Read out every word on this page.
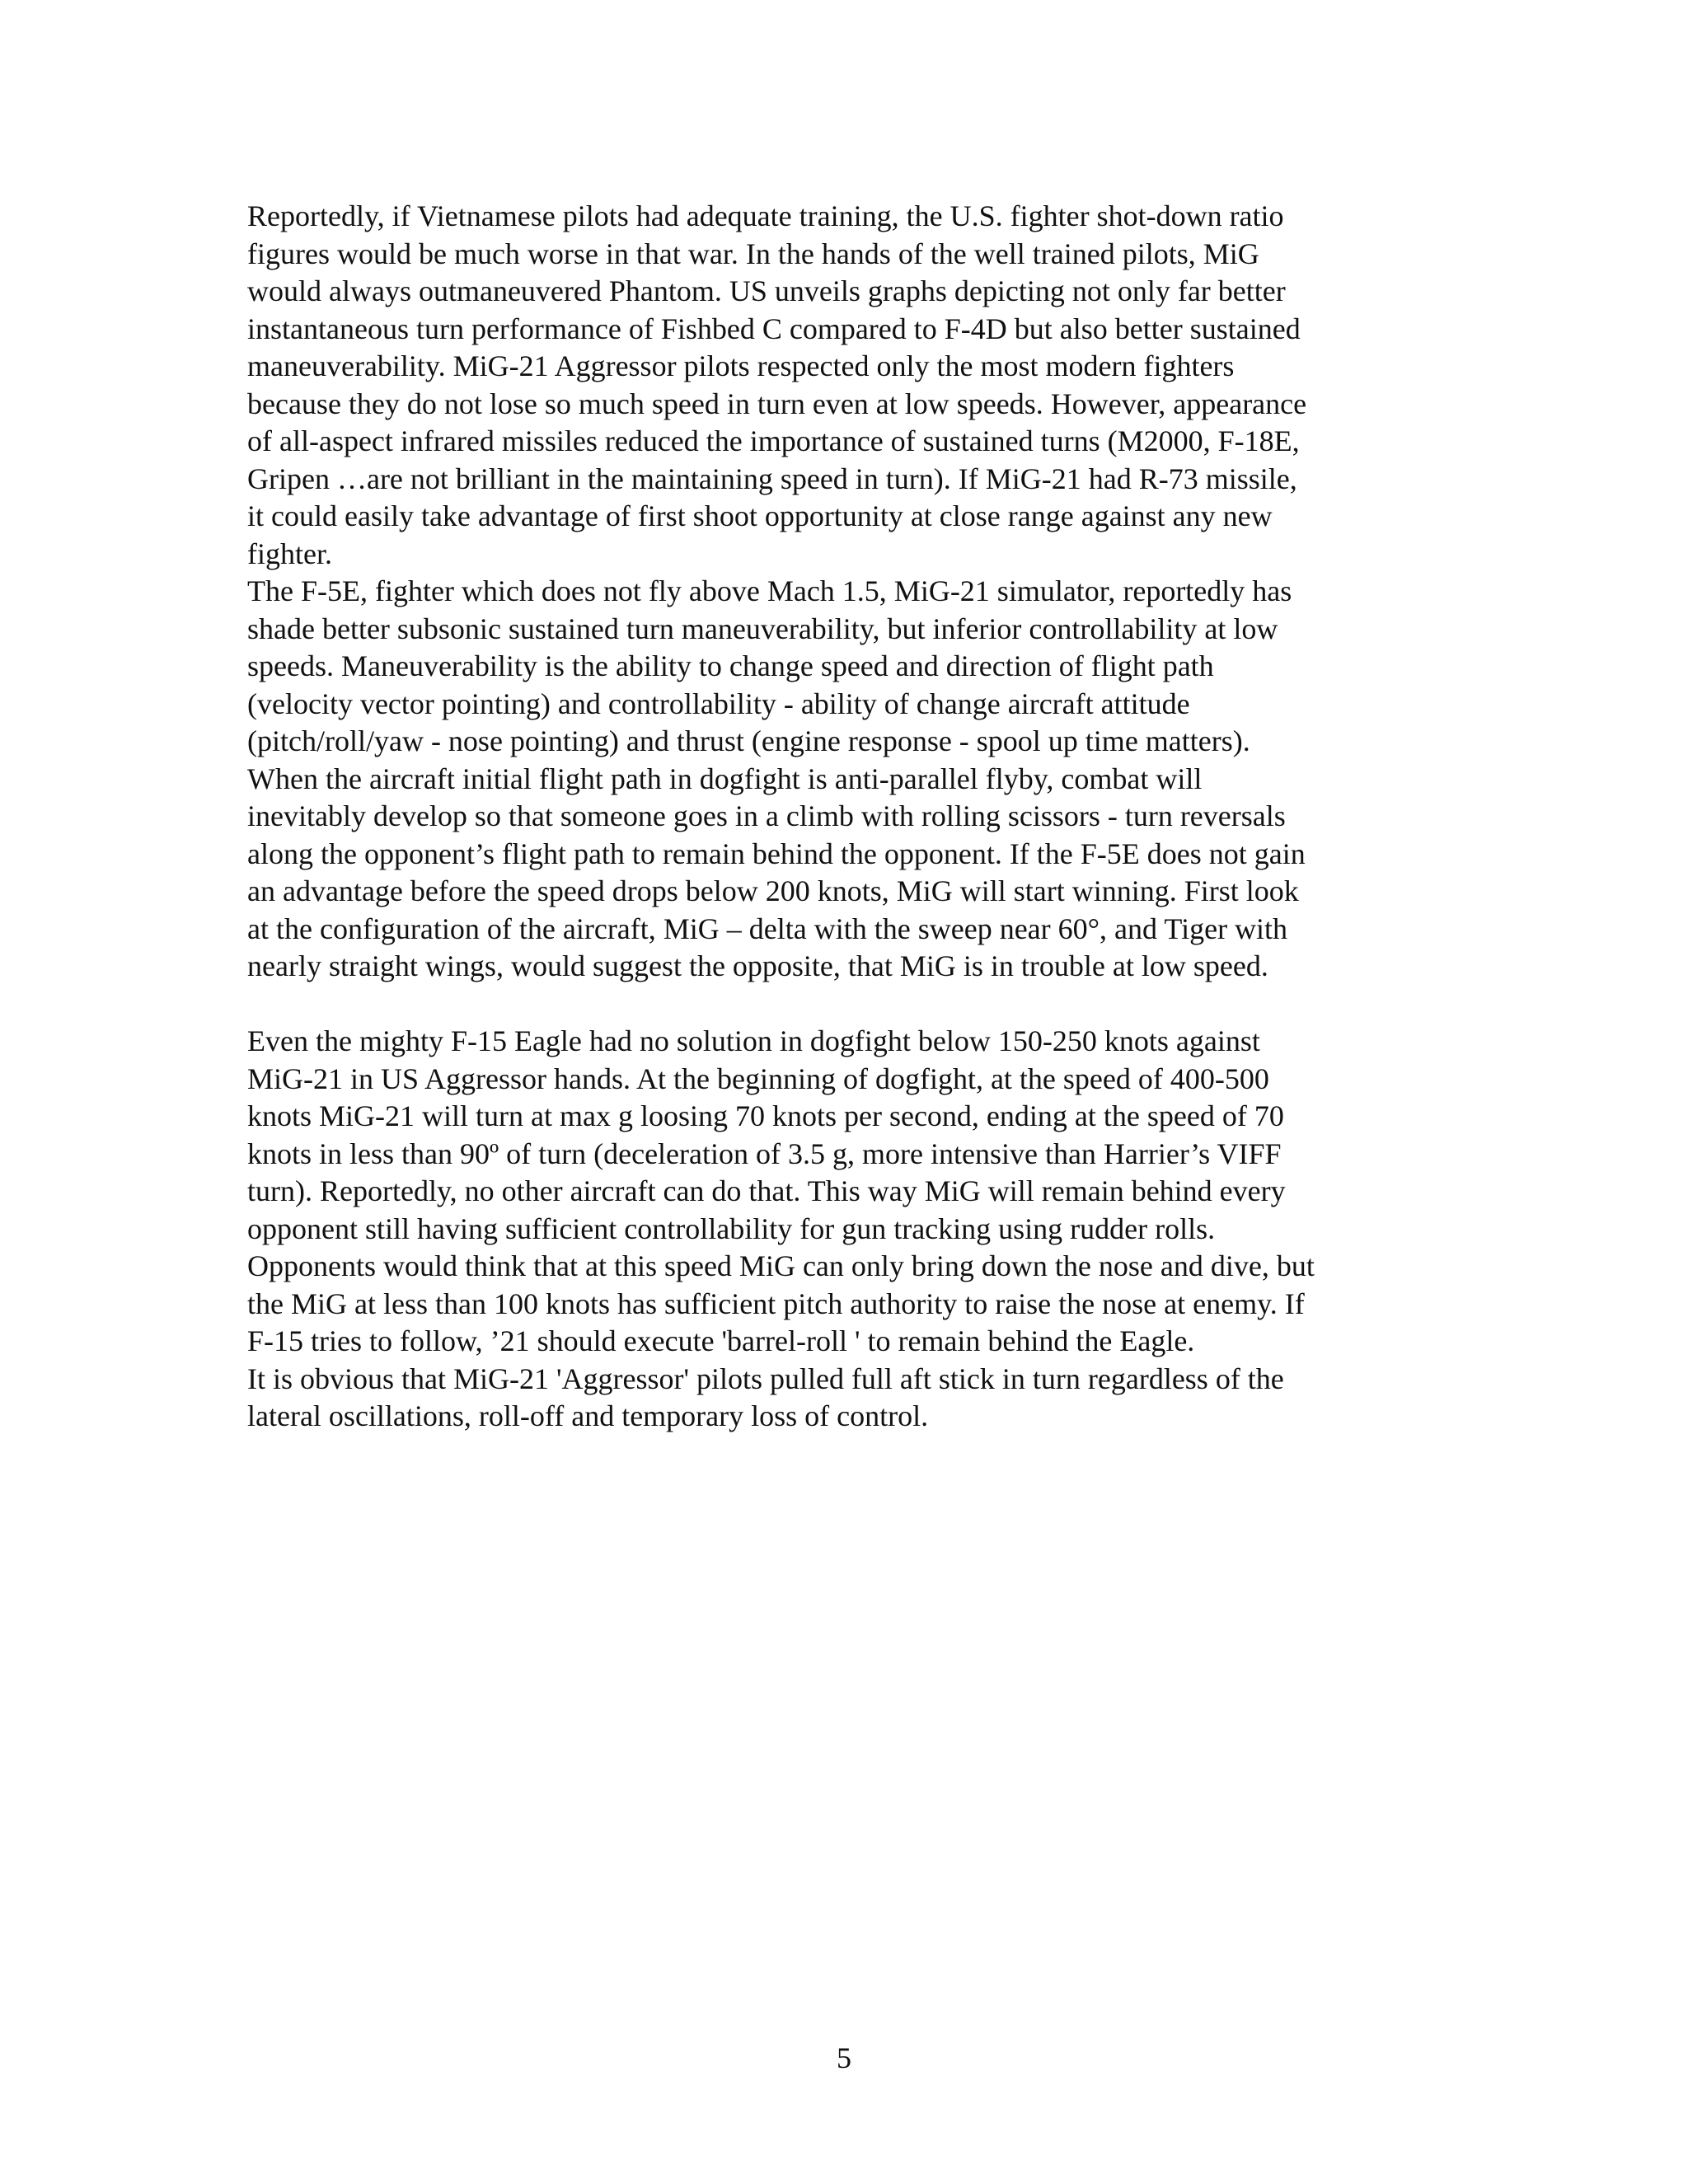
Reportedly, if Vietnamese pilots had adequate training, the U.S. fighter shot-down ratio
figures would be much worse in that war. In the hands of the well trained pilots, MiG
would always outmaneuvered Phantom. US unveils graphs depicting not only far better
instantaneous turn performance of Fishbed C compared to F-4D but also better sustained
maneuverability. MiG-21 Aggressor pilots respected only the most modern fighters
because they do not lose so much speed in turn even at low speeds. However, appearance
of all-aspect infrared missiles reduced the importance of sustained turns (M2000, F-18E,
Gripen …are not brilliant in the maintaining speed in turn). If MiG-21 had R-73 missile,
it could easily take advantage of first shoot opportunity at close range against any new
fighter.
The F-5E, fighter which does not fly above Mach 1.5, MiG-21 simulator, reportedly has
shade better subsonic sustained turn maneuverability, but inferior controllability at low
speeds. Maneuverability is the ability to change speed and direction of flight path
(velocity vector pointing) and controllability - ability of change aircraft attitude
(pitch/roll/yaw - nose pointing) and thrust (engine response - spool up time matters).
When the aircraft initial flight path in dogfight is anti-parallel flyby, combat will
inevitably develop so that someone goes in a climb with rolling scissors - turn reversals
along the opponent’s flight path to remain behind the opponent. If the F-5E does not gain
an advantage before the speed drops below 200 knots, MiG will start winning. First look
at the configuration of the aircraft, MiG – delta with the sweep near 60°, and Tiger with
nearly straight wings, would suggest the opposite, that MiG is in trouble at low speed.
Even the mighty F-15 Eagle had no solution in dogfight below 150-250 knots against
MiG-21 in US Aggressor hands. At the beginning of dogfight, at the speed of 400-500
knots MiG-21 will turn at max g loosing 70 knots per second, ending at the speed of 70
knots in less than 90º of turn (deceleration of 3.5 g, more intensive than Harrier’s VIFF
turn). Reportedly, no other aircraft can do that. This way MiG will remain behind every
opponent still having sufficient controllability for gun tracking using rudder rolls.
Opponents would think that at this speed MiG can only bring down the nose and dive, but
the MiG at less than 100 knots has sufficient pitch authority to raise the nose at enemy. If
F-15 tries to follow, ’21 should execute 'barrel-roll ' to remain behind the Eagle.
It is obvious that MiG-21 'Aggressor' pilots pulled full aft stick in turn regardless of the
lateral oscillations, roll-off and temporary loss of control.
5
